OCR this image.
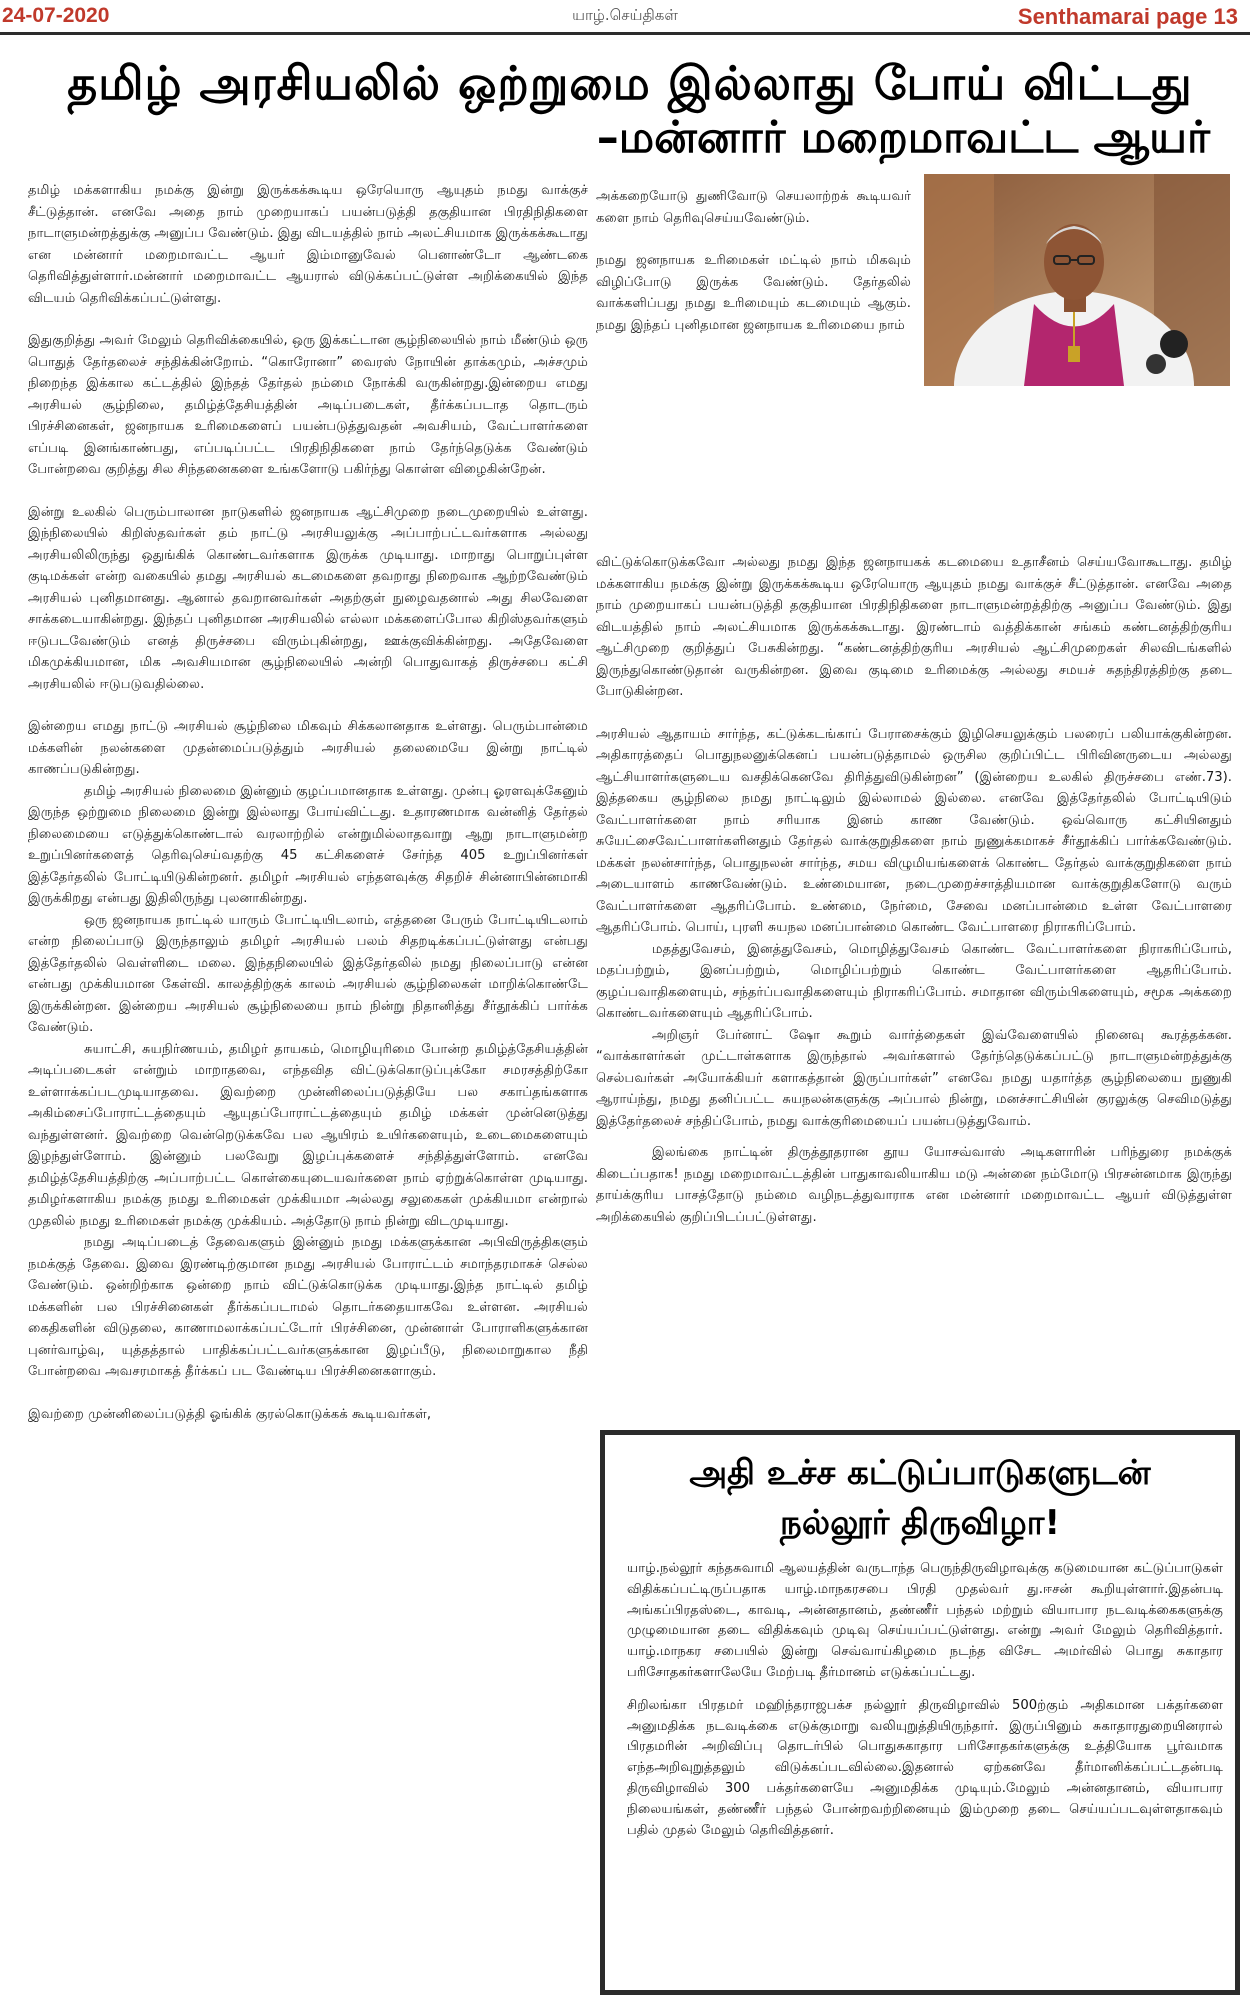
24-07-2020	யாழ்.செய்திகள்	Senthamarai page 13
தமிழ் அரசியலில் ஒற்றுமை இல்லாது போய் விட்டது
–மன்னார் மறைமாவட்ட ஆயர்

தமிழ் மக்களாகிய நமக்கு இன்று இருக்கக்கூடிய ஒரேயொரு ஆயுதம் நமது வாக்குச் சீட்டுத்தான். எனவே அதை நாம் முறையாகப் பயன்படுத்தி தகுதியான பிரதிநிதிகளை நாடாளுமன்றத்துக்கு அனுப்ப வேண்டும். இது விடயத்தில் நாம் அலட்சியமாக இருக்கக்கூடாது என மன்னார் மறைமாவட்ட ஆயர் இம்மானுவேல் பெனாண்டோ ஆண்டகை தெரிவித்துள்ளார்.மன்னார் மறைமாவட்ட ஆயரால் விடுக்கப்பட்டுள்ள அறிக்கையில் இந்த விடயம் தெரிவிக்கப்பட்டுள்ளது.

இதுகுறித்து அவர் மேலும் தெரிவிக்கையில், ஒரு இக்கட்டான சூழ்நிலையில் நாம் மீண்டும் ஒரு பொதுத் தேர்தலைச் சந்திக்கின்றோம். “கொரோனா” வைரஸ் நோயின் தாக்கமும், அச்சமும் நிறைந்த இக்கால கட்டத்தில் இந்தத் தேர்தல் நம்மை நோக்கி வருகின்றது.இன்றைய எமது அரசியல் சூழ்நிலை, தமிழ்த்தேசியத்தின் அடிப்படைகள், தீர்க்கப்படாத தொடரும் பிரச்சினைகள், ஜனநாயக உரிமைகளைப் பயன்படுத்துவதன் அவசியம், வேட்பாளர்களை எப்படி இனங்காண்பது, எப்படிப்பட்ட பிரதிநிதிகளை நாம் தேர்ந்தெடுக்க வேண்டும் போன்றவை குறித்து சில சிந்தனைகளை உங்களோடு பகிர்ந்து கொள்ள விழைகின்றேன்.

இன்று உலகில் பெரும்பாலான நாடுகளில் ஜனநாயக ஆட்சிமுறை நடைமுறையில் உள்ளது. இந்நிலையில் கிறிஸ்தவர்கள் தம் நாட்டு அரசியலுக்கு அப்பாற்பட்டவர்களாக அல்லது அரசியலிலிருந்து ஒதுங்கிக் கொண்டவர்களாக இருக்க முடியாது. மாறாது பொறுப்புள்ள குடிமக்கள் என்ற வகையில் தமது அரசியல் கடமைகளை தவறாது நிறைவாக ஆற்றவேண்டும் அரசியல் புனிதமானது. ஆனால் தவறானவர்கள் அதற்குள் நுழைவதனால் அது சிலவேளை சாக்கடையாகின்றது. இந்தப் புனிதமான அரசியலில் எல்லா மக்களைப்போல கிறிஸ்தவர்களும் ஈடுபடவேண்டும் எனத் திருச்சபை விரும்புகின்றது, ஊக்குவிக்கின்றது. அதேவேளை மிகமுக்கியமான, மிக அவசியமான சூழ்நிலையில் அன்றி பொதுவாகத் திருச்சபை கட்சி அரசியலில் ஈடுபடுவதில்லை.

இன்றைய எமது நாட்டு அரசியல் சூழ்நிலை மிகவும் சிக்கலானதாக உள்ளது. பெரும்பான்மை மக்களின் நலன்களை முதன்மைப்படுத்தும் அரசியல் தலைமையே இன்று நாட்டில் காணப்படுகின்றது.

தமிழ் அரசியல் நிலைமை இன்னும் குழப்பமானதாக உள்ளது. முன்பு ஓரளவுக்கேனும் இருந்த ஒற்றுமை நிலைமை இன்று இல்லாது போய்விட்டது. உதாரணமாக வன்னித் தேர்தல் நிலைமையை எடுத்துக்கொண்டால் வரலாற்றில் என்றுமில்லாதவாறு ஆறு நாடாளுமன்ற உறுப்பினர்களைத் தெரிவுசெய்வதற்கு 45 கட்சிகளைச் சேர்ந்த 405 உறுப்பினர்கள் இத்தேர்தலில் போட்டியிடுகின்றனர். தமிழர் அரசியல் எந்தளவுக்கு சிதறிச் சின்னாபின்னமாகி இருக்கிறது என்பது இதிலிருந்து புலனாகின்றது.

ஒரு ஜனநாயக நாட்டில் யாரும் போட்டியிடலாம், எத்தனை பேரும் போட்டியிடலாம் என்ற நிலைப்பாடு இருந்தாலும் தமிழர் அரசியல் பலம் சிதறடிக்கப்பட்டுள்ளது என்பது இத்தேர்தலில் வெள்ளிடை மலை. இந்தநிலையில் இத்தேர்தலில் நமது நிலைப்பாடு என்ன என்பது முக்கியமான கேள்வி. காலத்திற்குக் காலம் அரசியல் சூழ்நிலைகள் மாறிக்கொண்டே இருக்கின்றன. இன்றைய அரசியல் சூழ்நிலையை நாம் நின்று நிதானித்து சீர்தூக்கிப் பார்க்க வேண்டும்.

சுயாட்சி, சுயநிர்ணயம், தமிழர் தாயகம், மொழியுரிமை போன்ற தமிழ்த்தேசியத்தின் அடிப்படைகள் என்றும் மாறாதவை, எந்தவித விட்டுக்கொடுப்புக்கோ சமரசத்திற்கோ உள்ளாக்கப்படமுடியாதவை. இவற்றை முன்னிலைப்படுத்தியே பல சகாப்தங்களாக அகிம்சைப்போராட்டத்தையும் ஆயுதப்போராட்டத்தையும் தமிழ் மக்கள் முன்னெடுத்து வந்துள்ளனர். இவற்றை வென்றெடுக்கவே பல ஆயிரம் உயிர்களையும், உடைமைகளையும் இழந்துள்ளோம். இன்னும் பலவேறு இழப்புக்களைச் சந்தித்துள்ளோம். எனவே தமிழ்த்தேசியத்திற்கு அப்பாற்பட்ட கொள்கையுடையவர்களை நாம் ஏற்றுக்கொள்ள முடியாது. தமிழர்களாகிய நமக்கு நமது உரிமைகள் முக்கியமா அல்லது சலுகைகள் முக்கியமா என்றால் முதலில் நமது உரிமைகள் நமக்கு முக்கியம். அத்தோடு நாம் நின்று விடமுடியாது.

நமது அடிப்படைத் தேவைகளும் இன்னும் நமது மக்களுக்கான அபிவிருத்திகளும் நமக்குத் தேவை. இவை இரண்டிற்குமான நமது அரசியல் போராட்டம் சமாந்தரமாகச் செல்ல வேண்டும். ஒன்றிற்காக ஒன்றை நாம் விட்டுக்கொடுக்க முடியாது.இந்த நாட்டில் தமிழ் மக்களின் பல பிரச்சினைகள் தீர்க்கப்படாமல் தொடர்கதையாகவே உள்ளன. அரசியல் கைதிகளின் விடுதலை, காணாமலாக்கப்பட்டோர் பிரச்சினை, முன்னாள் போராளிகளுக்கான புனர்வாழ்வு, யுத்தத்தால் பாதிக்கப்பட்டவர்களுக்கான இழப்பீடு, நிலைமாறுகால நீதி போன்றவை அவசரமாகத் தீர்க்கப் பட வேண்டிய பிரச்சினைகளாகும்.

இவற்றை முன்னிலைப்படுத்தி ஓங்கிக் குரல்கொடுக்கக் கூடியவர்கள்,

அக்கறையோடு துணிவோடு செயலாற்றக் கூடியவர் களை நாம் தெரிவுசெய்யவேண்டும்.

நமது ஜனநாயக உரிமைகள் மட்டில் நாம் மிகவும் விழிப்போடு இருக்க வேண்டும். தேர்தலில் வாக்களிப்பது நமது உரிமையும் கடமையும் ஆகும். நமது இந்தப் புனிதமான ஜனநாயக உரிமையை நாம்

விட்டுக்கொடுக்கவோ அல்லது நமது இந்த ஜனநாயகக் கடமையை உதாசீனம் செய்யவோகூடாது. தமிழ் மக்களாகிய நமக்கு இன்று இருக்கக்கூடிய ஒரேயொரு ஆயுதம் நமது வாக்குச் சீட்டுத்தான். எனவே அதை நாம் முறையாகப் பயன்படுத்தி தகுதியான பிரதிநிதிகளை நாடாளுமன்றத்திற்கு அனுப்ப வேண்டும். இது விடயத்தில் நாம் அலட்சியமாக இருக்கக்கூடாது. இரண்டாம் வத்திக்கான் சங்கம் கண்டனத்திற்குரிய ஆட்சிமுறை குறித்துப் பேசுகின்றது. “கண்டனத்திற்குரிய அரசியல் ஆட்சிமுறைகள் சிலவிடங்களில் இருந்துகொண்டுதான் வருகின்றன. இவை குடிமை உரிமைக்கு அல்லது சமயச் சுதந்திரத்திற்கு தடை போடுகின்றன.

அரசியல் ஆதாயம் சார்ந்த, கட்டுக்கடங்காப் பேராசைக்கும் இழிசெயலுக்கும் பலரைப் பலியாக்குகின்றன. அதிகாரத்தைப் பொதுநலனுக்கெனப் பயன்படுத்தாமல் ஒருசில குறிப்பிட்ட பிரிவினருடைய அல்லது ஆட்சியாளர்களுடைய வசதிக்கெனவே திரித்துவிடுகின்றன” (இன்றைய உலகில் திருச்சபை எண்.73). இத்தகைய சூழ்நிலை நமது நாட்டிலும் இல்லாமல் இல்லை. எனவே இத்தேர்தலில் போட்டியிடும் வேட்பாளர்களை நாம் சரியாக இனம் காண வேண்டும். ஒவ்வொரு கட்சியினதும் சுயேட்சைவேட்பாளர்களினதும் தேர்தல் வாக்குறுதிகளை நாம் நுணுக்கமாகச் சீர்தூக்கிப் பார்க்கவேண்டும். மக்கள் நலன்சார்ந்த, பொதுநலன் சார்ந்த, சமய விழுமியங்களைக் கொண்ட தேர்தல் வாக்குறுதிகளை நாம் அடையாளம் காணவேண்டும். உண்மையான, நடைமுறைச்சாத்தியமான வாக்குறுதிகளோடு வரும் வேட்பாளர்களை ஆதரிப்போம். உண்மை, நேர்மை, சேவை மனப்பான்மை உள்ள வேட்பாளரை ஆதரிப்போம். பொய், புரளி சுயநல மனப்பான்மை கொண்ட வேட்பாளரை நிராகரிப்போம்.

மதத்துவேசம், இனத்துவேசம், மொழித்துவேசம் கொண்ட வேட்பாளர்களை நிராகரிப்போம், மதப்பற்றும், இனப்பற்றும், மொழிப்பற்றும் கொண்ட வேட்பாளர்களை ஆதரிப்போம். குழப்பவாதிகளையும், சந்தர்ப்பவாதிகளையும் நிராகரிப்போம். சமாதான விரும்பிகளையும், சமூக அக்கறை கொண்டவர்களையும் ஆதரிப்போம்.

அறிஞர் பேர்னாட் ஷோ கூறும் வார்த்தைகள் இவ்வேளையில் நினைவு கூரத்தக்கன. “வாக்காளர்கள் முட்டாள்களாக இருந்தால் அவர்களால் தேர்ந்தெடுக்கப்பட்டு நாடாளுமன்றத்துக்கு செல்பவர்கள் அயோக்கியர் களாகத்தான் இருப்பார்கள்” எனவே நமது யதார்த்த சூழ்நிலையை நுணுகி ஆராய்ந்து, நமது தனிப்பட்ட சுயநலன்களுக்கு அப்பால் நின்று, மனச்சாட்சியின் குரலுக்கு செவிமடுத்து இத்தேர்தலைச் சந்திப்போம், நமது வாக்குரிமையைப் பயன்படுத்துவோம்.

இலங்கை நாட்டின் திருத்தூதரான தூய யோசவ்வாஸ் அடிகளாரின் பரிந்துரை நமக்குக் கிடைப்பதாக! நமது மறைமாவட்டத்தின் பாதுகாவலியாகிய மடு அன்னை நம்மோடு பிரசன்னமாக இருந்து தாய்க்குரிய பாசத்தோடு நம்மை வழிநடத்துவாராக என மன்னார் மறைமாவட்ட ஆயர் விடுத்துள்ள அறிக்கையில் குறிப்பிடப்பட்டுள்ளது.

அதி உச்ச கட்டுப்பாடுகளுடன்
நல்லூர் திருவிழா!

யாழ்.நல்லூர் கந்தசுவாமி ஆலயத்தின் வருடாந்த பெருந்திருவிழாவுக்கு கடுமையான கட்டுப்பாடுகள் விதிக்கப்பட்டிருப்பதாக யாழ்.மாநகரசபை பிரதி முதல்வர் து.ஈசன் கூறியுள்ளார்.இதன்படி அங்கப்பிரதஸ்டை, காவடி, அன்னதானம், தண்ணீர் பந்தல் மற்றும் வியாபார நடவடிக்கைகளுக்கு முழுமையான தடை விதிக்கவும் முடிவு செய்யப்பட்டுள்ளது. என்று அவர் மேலும் தெரிவித்தார். யாழ்.மாநகர சபையில் இன்று செவ்வாய்கிழமை நடந்த விசேட அமர்வில் பொது சுகாதார பரிசோதகர்களாலேயே மேற்படி தீர்மானம் எடுக்கப்பட்டது.

சிறிலங்கா பிரதமர் மஹிந்தராஜபக்ச நல்லூர் திருவிழாவில் 500ற்கும் அதிகமான பக்தர்களை அனுமதிக்க நடவடிக்கை எடுக்குமாறு வலியுறுத்தியிருந்தார். இருப்பினும் சுகாதாரதுறையினரால் பிரதமரின் அறிவிப்பு தொடர்பில் பொதுசுகாதார பரிசோதகர்களுக்கு உத்தியோக பூர்வமாக எந்தஅறிவுறுத்தலும் விடுக்கப்படவில்லை.இதனால் ஏற்கனவே தீர்மானிக்கப்பட்டதன்படி திருவிழாவில் 300 பக்தர்களையே அனுமதிக்க முடியும்.மேலும் அன்னதானம், வியாபார நிலையங்கள், தண்ணீர் பந்தல் போன்றவற்றினையும் இம்முறை தடை செய்யப்படவுள்ளதாகவும் பதில் முதல் மேலும் தெரிவித்தனர்.
